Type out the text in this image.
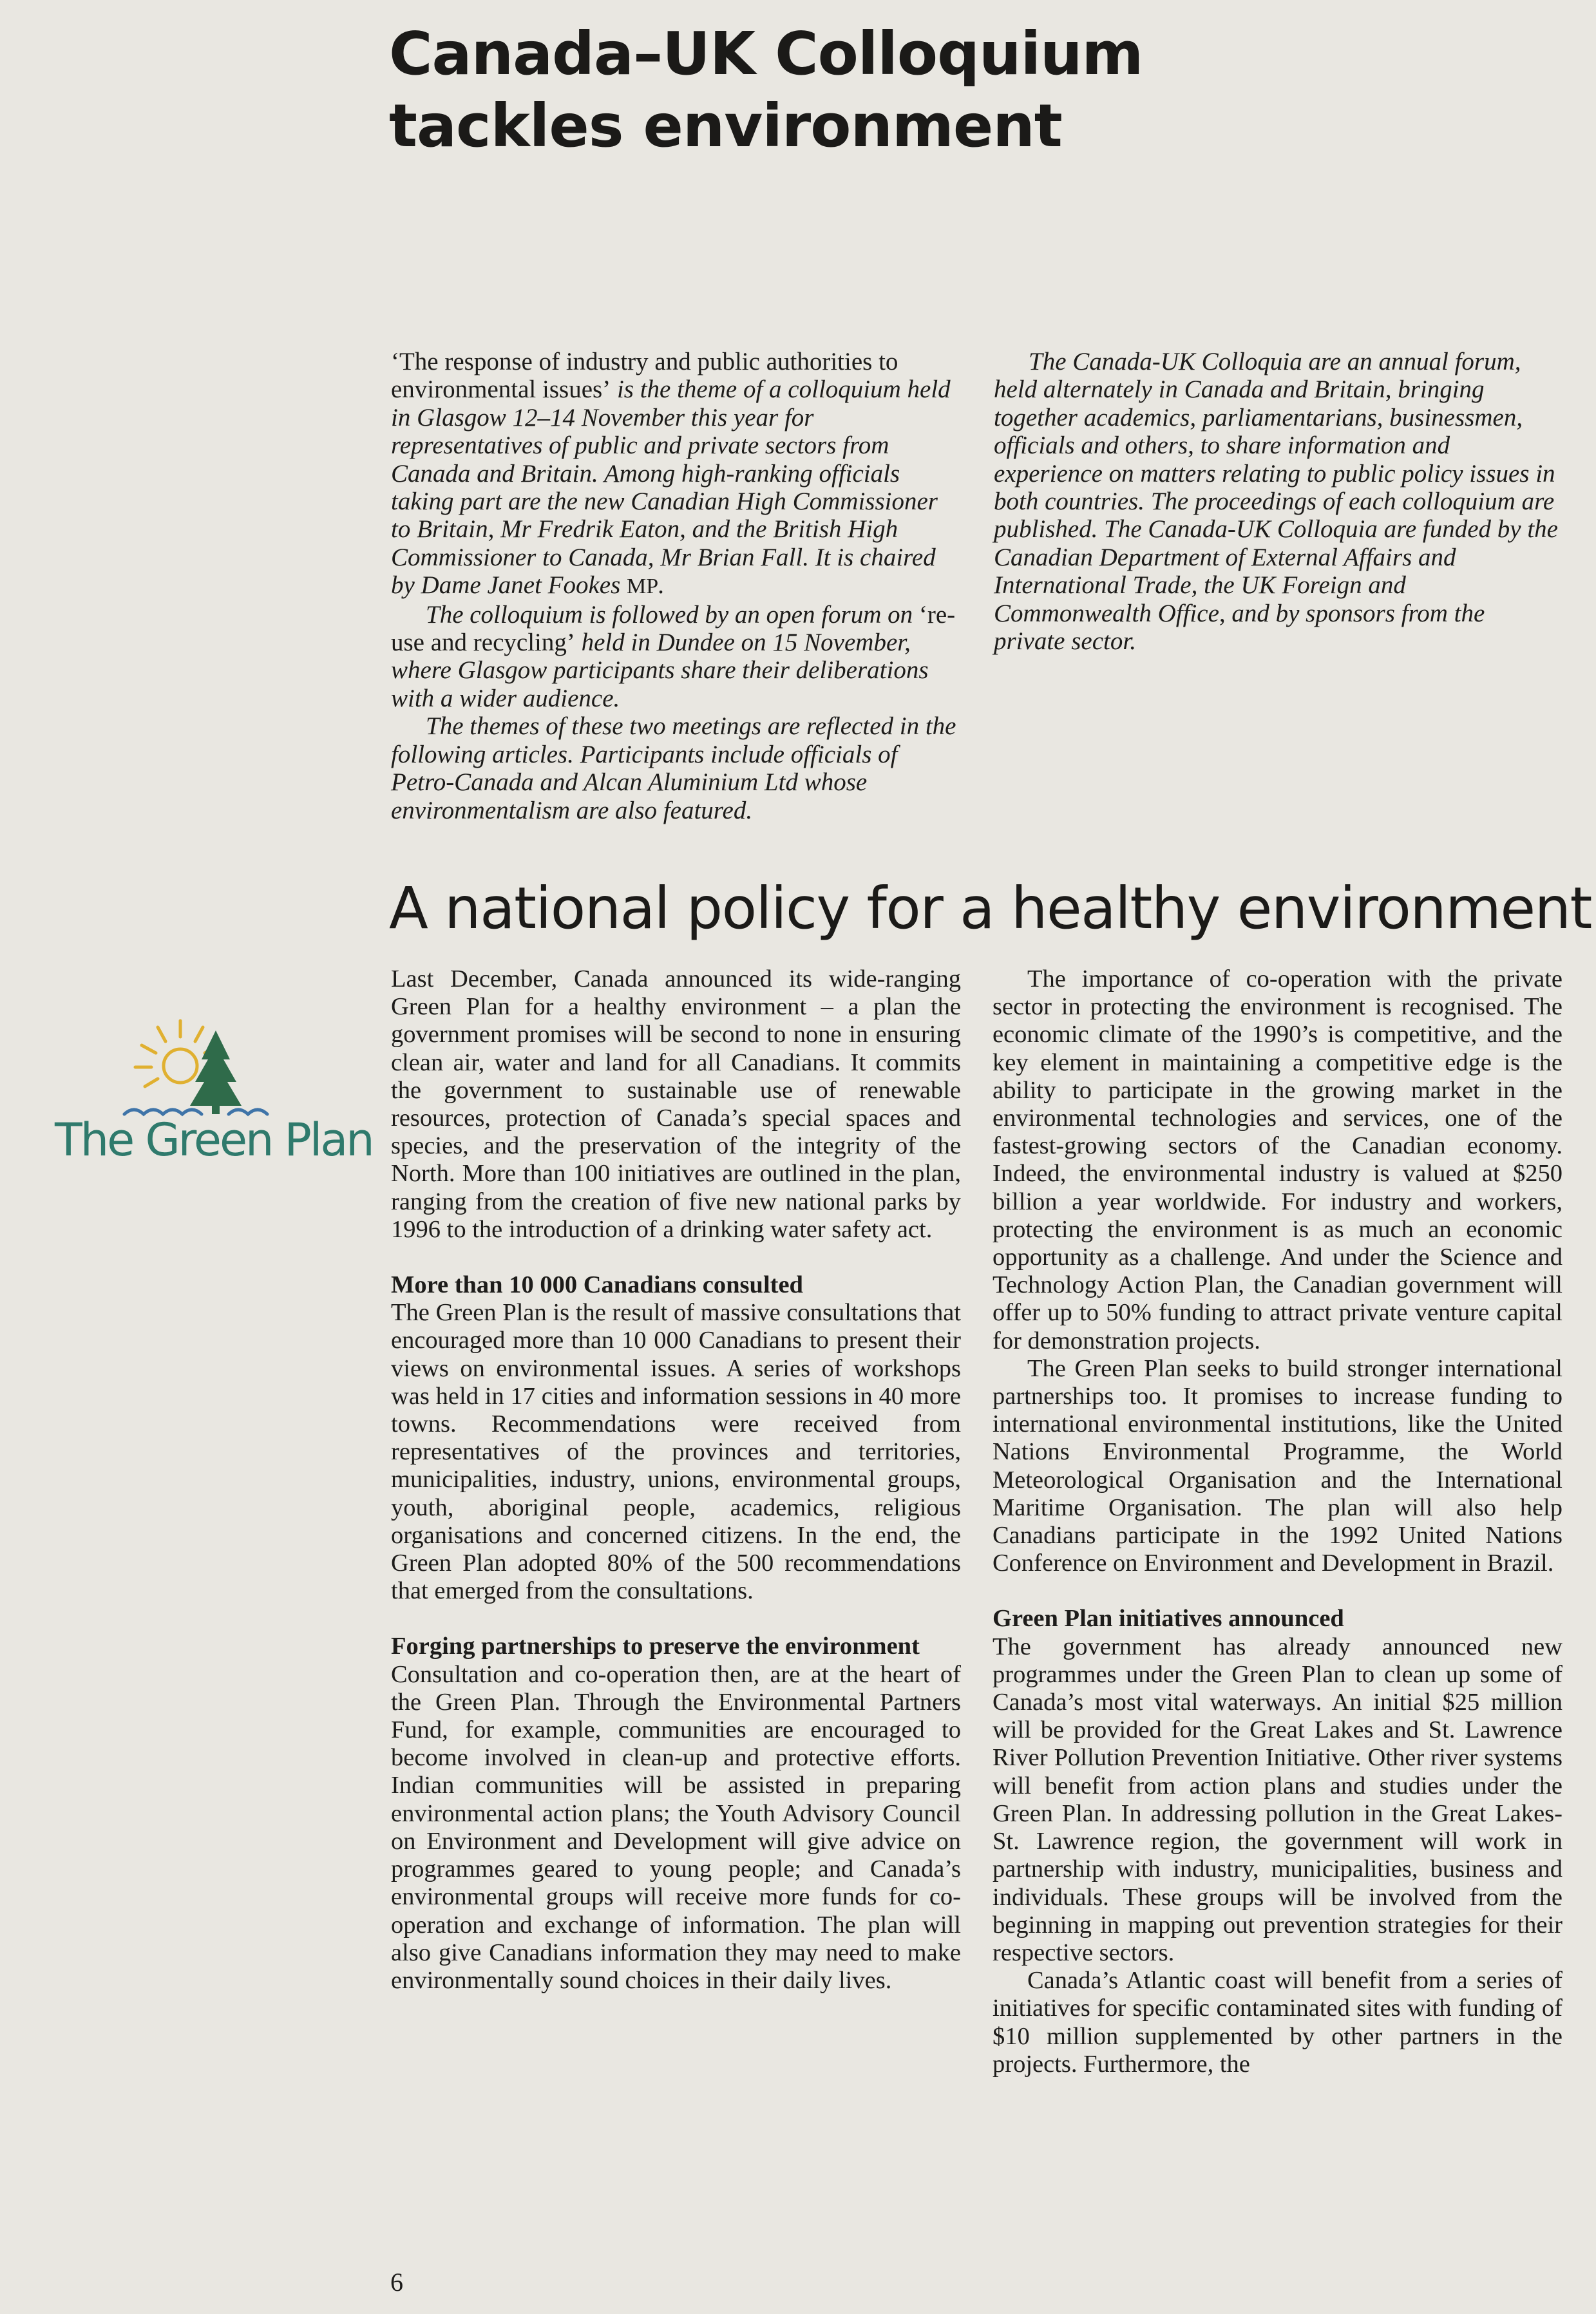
Canada–UK Colloquium
tackles environment

‘The response of industry and public authorities to environmental issues’ is the theme of a colloquium held in Glasgow 12–14 November this year for representatives of public and private sectors from Canada and Britain. Among high-ranking officials taking part are the new Canadian High Commissioner to Britain, Mr Fredrik Eaton, and the British High Commissioner to Canada, Mr Brian Fall. It is chaired by Dame Janet Fookes MP.

The colloquium is followed by an open forum on ‘re-use and recycling’ held in Dundee on 15 November, where Glasgow participants share their deliberations with a wider audience.

The themes of these two meetings are reflected in the following articles. Participants include officials of Petro-Canada and Alcan Aluminium Ltd whose environmentalism are also featured.

The Canada-UK Colloquia are an annual forum, held alternately in Canada and Britain, bringing together academics, parliamentarians, businessmen, officials and others, to share information and experience on matters relating to public policy issues in both countries. The proceedings of each colloquium are published. The Canada-UK Colloquia are funded by the Canadian Department of External Affairs and International Trade, the UK Foreign and Commonwealth Office, and by sponsors from the private sector.

A national policy for a healthy environment
The Green Plan

Last December, Canada announced its wide-ranging Green Plan for a healthy environment – a plan the government promises will be second to none in ensuring clean air, water and land for all Canadians. It commits the government to sustainable use of renewable resources, protection of Canada’s special spaces and species, and the preservation of the integrity of the North. More than 100 initiatives are outlined in the plan, ranging from the creation of five new national parks by 1996 to the introduction of a drinking water safety act.

More than 10 000 Canadians consulted

The Green Plan is the result of massive consultations that encouraged more than 10 000 Canadians to present their views on environmental issues. A series of workshops was held in 17 cities and information sessions in 40 more towns. Recommendations were received from representatives of the provinces and territories, municipalities, industry, unions, environmental groups, youth, aboriginal people, academics, religious organisations and concerned citizens. In the end, the Green Plan adopted 80% of the 500 recommendations that emerged from the consultations.

Forging partnerships to preserve the environment

Consultation and co-operation then, are at the heart of the Green Plan. Through the Environmental Partners Fund, for example, communities are encouraged to become involved in clean-up and protective efforts. Indian communities will be assisted in preparing environmental action plans; the Youth Advisory Council on Environment and Development will give advice on programmes geared to young people; and Canada’s environmental groups will receive more funds for co-operation and exchange of information. The plan will also give Canadians information they may need to make environmentally sound choices in their daily lives.

The importance of co-operation with the private sector in protecting the environment is recognised. The economic climate of the 1990’s is competitive, and the key element in maintaining a competitive edge is the ability to participate in the growing market in the environmental technologies and services, one of the fastest-growing sectors of the Canadian economy. Indeed, the environmental industry is valued at $250 billion a year worldwide. For industry and workers, protecting the environment is as much an economic opportunity as a challenge. And under the Science and Technology Action Plan, the Canadian government will offer up to 50% funding to attract private venture capital for demonstration projects.

The Green Plan seeks to build stronger international partnerships too. It promises to increase funding to international environmental institutions, like the United Nations Environmental Programme, the World Meteorological Organisation and the International Maritime Organisation. The plan will also help Canadians participate in the 1992 United Nations Conference on Environment and Development in Brazil.

Green Plan initiatives announced

The government has already announced new programmes under the Green Plan to clean up some of Canada’s most vital waterways. An initial $25 million will be provided for the Great Lakes and St. Lawrence River Pollution Prevention Initiative. Other river systems will benefit from action plans and studies under the Green Plan. In addressing pollution in the Great Lakes-St. Lawrence region, the government will work in partnership with industry, municipalities, business and individuals. These groups will be involved from the beginning in mapping out prevention strategies for their respective sectors.

Canada’s Atlantic coast will benefit from a series of initiatives for specific contaminated sites with funding of $10 million supplemented by other partners in the projects. Furthermore, the

6
